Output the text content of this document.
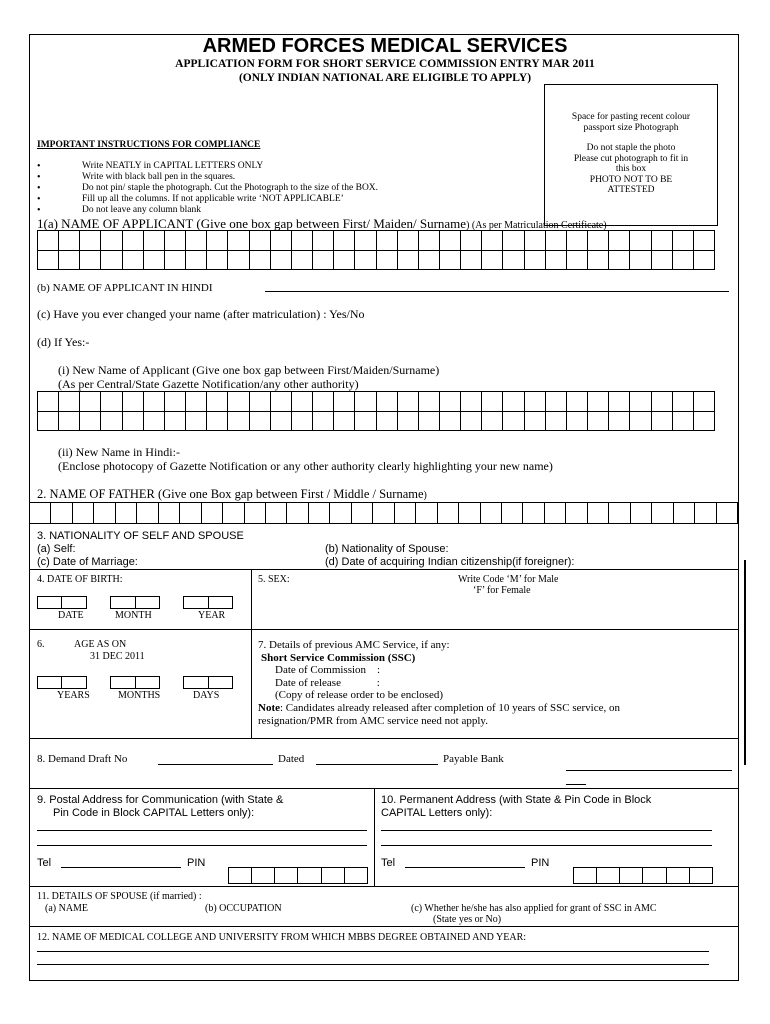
ARMED FORCES MEDICAL SERVICES
APPLICATION FORM FOR SHORT SERVICE COMMISSION ENTRY MAR 2011
(ONLY INDIAN NATIONAL ARE ELIGIBLE TO APPLY)
Space for pasting recent colour
passport size Photograph
Do not staple the photo
Please cut photograph to fit in
this box
PHOTO NOT TO BE
ATTESTED
IMPORTANT INSTRUCTIONS FOR COMPLIANCE
• Write NEATLY in CAPITAL LETTERS ONLY
• Write with black ball pen in the squares.
• Do not pin/ staple the photograph. Cut the Photograph to the size of the BOX.
• Fill up all the columns. If not applicable write ‘NOT APPLICABLE’
• Do not leave any column blank
1(a) NAME OF APPLICANT (Give one box gap between First/ Maiden/ Surname) (As per Matriculation Certificate)

(b) NAME OF APPLICANT IN HINDI
(c) Have you ever changed your name (after matriculation) : Yes/No
(d) If Yes:-
(i) New Name of Applicant (Give one box gap between First/Maiden/Surname)
(As per Central/State Gazette Notification/any other authority)

(ii) New Name in Hindi:-
(Enclose photocopy of Gazette Notification or any other authority clearly highlighting your new name)
2. NAME OF FATHER (Give one Box gap between First / Middle / Surname)

3. NATIONALITY OF SELF AND SPOUSE
(a) Self:	(b) Nationality of Spouse:
(c) Date of Marriage:	(d) Date of acquiring Indian citizenship(if foreigner):
4. DATE OF BIRTH:

DATE	MONTH	YEAR
5. SEX:	Write Code ‘M’ for Male
‘F’ for Female
6.	AGE AS ON
31 DEC 2011

YEARS	MONTHS	DAYS
7. Details of previous AMC Service, if any:
Short Service Commission (SSC)
Date of Commission    :
Date of release             :
(Copy of release order to be enclosed)
Note: Candidates already released after completion of 10 years of SSC service, on
resignation/PMR from AMC service need not apply.
8. Demand Draft No	Dated	Payable Bank
9. Postal Address for Communication (with State &
Pin Code in Block CAPITAL Letters only):
Tel	PIN

10. Permanent Address (with State & Pin Code in Block
CAPITAL Letters only):
Tel	PIN

11. DETAILS OF SPOUSE (if married) :
(a) NAME	(b) OCCUPATION	(c) Whether he/she has also applied for grant of SSC in AMC
(State yes or No)
12. NAME OF MEDICAL COLLEGE AND UNIVERSITY FROM WHICH MBBS DEGREE OBTAINED AND YEAR:
